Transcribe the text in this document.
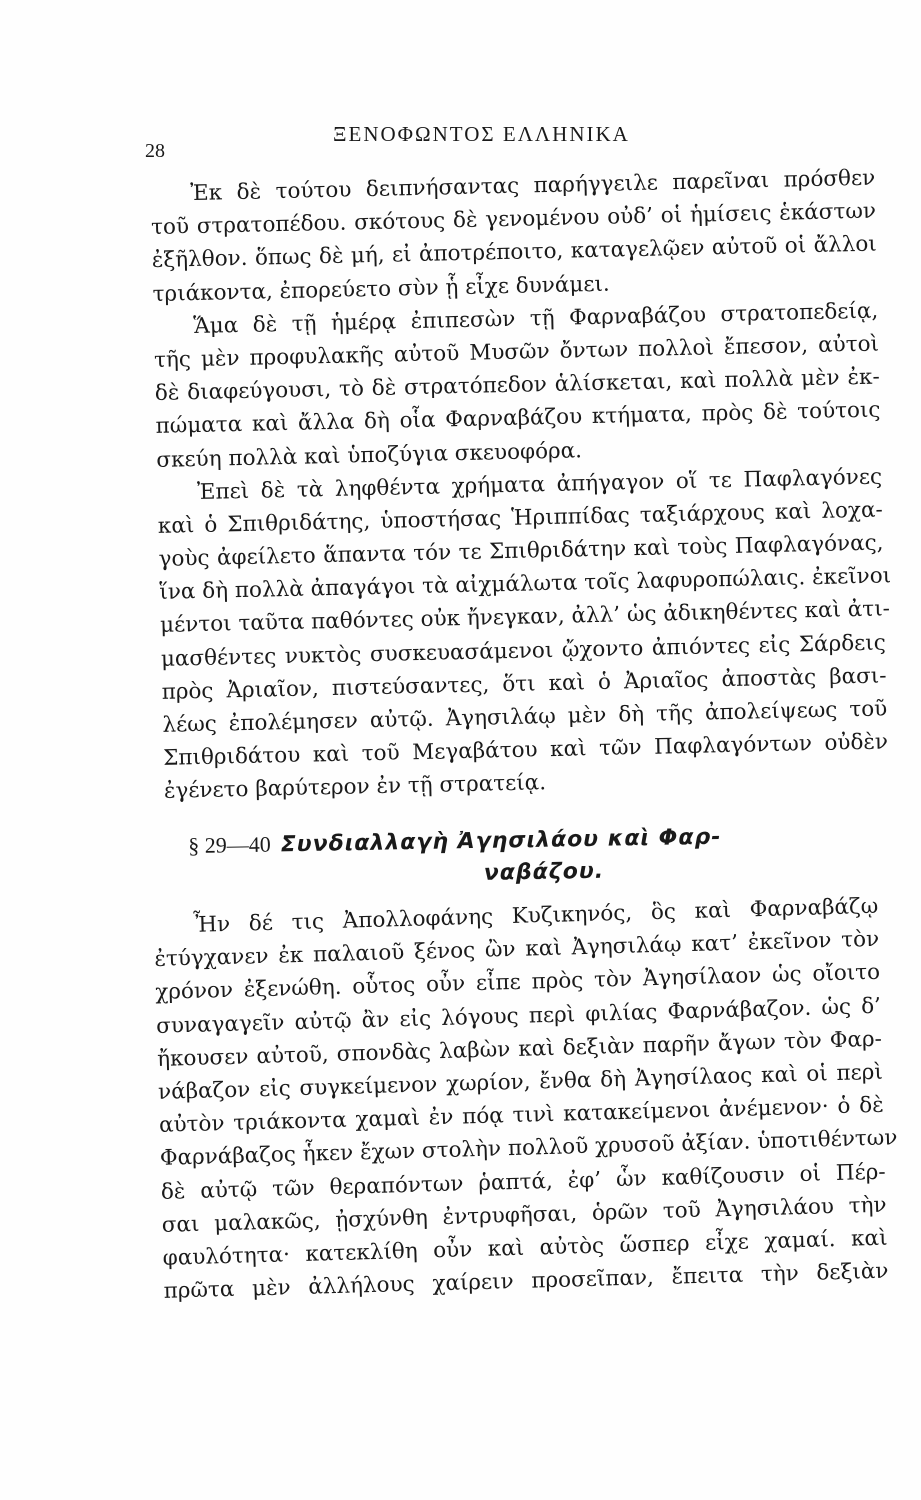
28
ΞΕΝΟΦΩΝΤΟΣ ΕΛΛΗΝΙΚΑ
Ἐκ δὲ τούτου δειπνήσαντας παρήγγειλε παρεῖναι πρόσθεν
τοῦ στρατοπέδου. σκότους δὲ γενομένου οὐδ’ οἱ ἡμίσεις ἑκάστων
ἐξῆλθον. ὅπως δὲ μή, εἰ ἀποτρέποιτο, καταγελῷεν αὐτοῦ οἱ ἄλλοι
τριάκοντα, ἐπορεύετο σὺν ᾗ εἶχε δυνάμει.
Ἅμα δὲ τῇ ἡμέρᾳ ἐπιπεσὼν τῇ Φαρναβάζου στρατοπεδείᾳ,
τῆς μὲν προφυλακῆς αὐτοῦ Μυσῶν ὄντων πολλοὶ ἔπεσον, αὐτοὶ
δὲ διαφεύγουσι, τὸ δὲ στρατόπεδον ἁλίσκεται, καὶ πολλὰ μὲν ἐκ-
πώματα καὶ ἄλλα δὴ οἷα Φαρναβάζου κτήματα, πρὸς δὲ τούτοις
σκεύη πολλὰ καὶ ὑποζύγια σκευοφόρα.
Ἐπεὶ δὲ τὰ ληφθέντα χρήματα ἀπήγαγον οἵ τε Παφλαγόνες
καὶ ὁ Σπιθριδάτης, ὑποστήσας Ἡριππίδας ταξιάρχους καὶ λοχα-
γοὺς ἀφείλετο ἅπαντα τόν τε Σπιθριδάτην καὶ τοὺς Παφλαγόνας,
ἵνα δὴ πολλὰ ἀπαγάγοι τὰ αἰχμάλωτα τοῖς λαφυροπώλαις. ἐκεῖνοι
μέντοι ταῦτα παθόντες οὐκ ἤνεγκαν, ἀλλ’ ὡς ἀδικηθέντες καὶ ἀτι-
μασθέντες νυκτὸς συσκευασάμενοι ᾤχοντο ἀπιόντες εἰς Σάρδεις
πρὸς Ἀριαῖον, πιστεύσαντες, ὅτι καὶ ὁ Ἀριαῖος ἀποστὰς βασι-
λέως ἐπολέμησεν αὐτῷ. Ἀγησιλάῳ μὲν δὴ τῆς ἀπολείψεως τοῦ
Σπιθριδάτου καὶ τοῦ Μεγαβάτου καὶ τῶν Παφλαγόντων οὐδὲν
ἐγένετο βαρύτερον ἐν τῇ στρατείᾳ.
§ 29—40 Συνδιαλλαγὴ Ἀγησιλάου καὶ Φαρ-
ναβάζου.
Ἦν δέ τις Ἀπολλοφάνης Κυζικηνός, ὃς καὶ Φαρναβάζῳ
ἐτύγχανεν ἐκ παλαιοῦ ξένος ὢν καὶ Ἀγησιλάῳ κατ’ ἐκεῖνον τὸν
χρόνον ἐξενώθη. οὗτος οὖν εἶπε πρὸς τὸν Ἀγησίλαον ὡς οἴοιτο
συναγαγεῖν αὐτῷ ἂν εἰς λόγους περὶ φιλίας Φαρνάβαζον. ὡς δ’
ἤκουσεν αὐτοῦ, σπονδὰς λαβὼν καὶ δεξιὰν παρῆν ἄγων τὸν Φαρ-
νάβαζον εἰς συγκείμενον χωρίον, ἔνθα δὴ Ἀγησίλαος καὶ οἱ περὶ
αὐτὸν τριάκοντα χαμαὶ ἐν πόᾳ τινὶ κατακείμενοι ἀνέμενον· ὁ δὲ
Φαρνάβαζος ἧκεν ἔχων στολὴν πολλοῦ χρυσοῦ ἀξίαν. ὑποτιθέντων
δὲ αὐτῷ τῶν θεραπόντων ῥαπτά, ἐφ’ ὧν καθίζουσιν οἱ Πέρ-
σαι μαλακῶς, ᾐσχύνθη ἐντρυφῆσαι, ὁρῶν τοῦ Ἀγησιλάου τὴν
φαυλότητα· κατεκλίθη οὖν καὶ αὐτὸς ὥσπερ εἶχε χαμαί. καὶ
πρῶτα μὲν ἀλλήλους χαίρειν προσεῖπαν, ἔπειτα τὴν δεξιὰν
